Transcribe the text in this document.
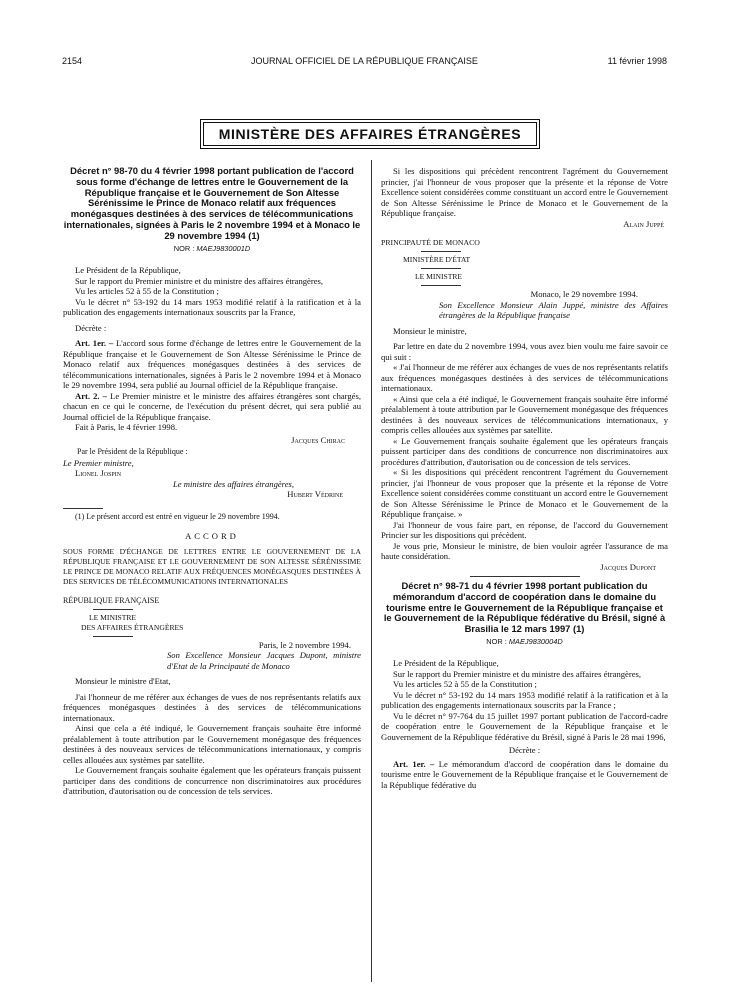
2154	JOURNAL OFFICIEL DE LA RÉPUBLIQUE FRANÇAISE	11 février 1998
MINISTÈRE DES AFFAIRES ÉTRANGÈRES

Décret n° 98-70 du 4 février 1998 portant publication de l'accord sous forme d'échange de lettres entre le Gouvernement de la République française et le Gouvernement de Son Altesse Sérénissime le Prince de Monaco relatif aux fréquences monégasques destinées à des services de télécommunications internationales, signées à Paris le 2 novembre 1994 et à Monaco le 29 novembre 1994 (1)

NOR : MAEJ9830001D

Le Président de la République,

Sur le rapport du Premier ministre et du ministre des affaires étrangères,

Vu les articles 52 à 55 de la Constitution ;

Vu le décret n° 53-192 du 14 mars 1953 modifié relatif à la ratification et à la publication des engagements internationaux souscrits par la France,

Décrète :

Art. 1er. – L'accord sous forme d'échange de lettres entre le Gouvernement de la République française et le Gouvernement de Son Altesse Sérénissime le Prince de Monaco relatif aux fréquences monégasques destinées à des services de télécommunications internationales, signées à Paris le 2 novembre 1994 et à Monaco le 29 novembre 1994, sera publié au Journal officiel de la République française.

Art. 2. – Le Premier ministre et le ministre des affaires étrangères sont chargés, chacun en ce qui le concerne, de l'exécution du présent décret, qui sera publié au Journal officiel de la République française.

Fait à Paris, le 4 février 1998.

Jacques Chirac

Par le Président de la République :

Le Premier ministre,

Lionel Jospin

Le ministre des affaires étrangères,

Hubert Védrine

(1) Le présent accord est entré en vigueur le 29 novembre 1994.

ACCORD

SOUS FORME D'ÉCHANGE DE LETTRES ENTRE LE GOUVERNEMENT DE LA RÉPUBLIQUE FRANÇAISE ET LE GOUVERNEMENT DE SON ALTESSE SÉRÉNISSIME LE PRINCE DE MONACO RELATIF AUX FRÉQUENCES MONÉGASQUES DESTINÉES À DES SERVICES DE TÉLÉCOMMUNICATIONS INTERNATIONALES

RÉPUBLIQUE FRANÇAISE

LE MINISTRE

DES AFFAIRES ÉTRANGÈRES

Paris, le 2 novembre 1994.

Son Excellence Monsieur Jacques Dupont, ministre d'Etat de la Principauté de Monaco

Monsieur le ministre d'Etat,

J'ai l'honneur de me référer aux échanges de vues de nos représentants relatifs aux fréquences monégasques destinées à des services de télécommunications internationaux.

Ainsi que cela a été indiqué, le Gouvernement français souhaite être informé préalablement à toute attribution par le Gouvernement monégasque des fréquences destinées à des nouveaux services de télécommunications internationaux, y compris celles allouées aux systèmes par satellite.

Le Gouvernement français souhaite également que les opérateurs français puissent participer dans des conditions de concurrence non discriminatoires aux procédures d'attribution, d'autorisation ou de concession de tels services.

Si les dispositions qui précèdent rencontrent l'agrément du Gouvernement princier, j'ai l'honneur de vous proposer que la présente et la réponse de Votre Excellence soient considérées comme constituant un accord entre le Gouvernement de Son Altesse Sérénissime le Prince de Monaco et le Gouvernement de la République française.

Alain Juppé

PRINCIPAUTÉ DE MONACO

MINISTÈRE D'ÉTAT

LE MINISTRE

Monaco, le 29 novembre 1994.

Son Excellence Monsieur Alain Juppé, ministre des Affaires étrangères de la République française

Monsieur le ministre,

Par lettre en date du 2 novembre 1994, vous avez bien voulu me faire savoir ce qui suit :

« J'ai l'honneur de me référer aux échanges de vues de nos représentants relatifs aux fréquences monégasques destinées à des services de télécommunications internationaux.

« Ainsi que cela a été indiqué, le Gouvernement français souhaite être informé préalablement à toute attribution par le Gouvernement monégasque des fréquences destinées à des nouveaux services de télécommunications internationaux, y compris celles allouées aux systèmes par satellite.

« Le Gouvernement français souhaite également que les opérateurs français puissent participer dans des conditions de concurrence non discriminatoires aux procédures d'attribution, d'autorisation ou de concession de tels services.

« Si les dispositions qui précèdent rencontrent l'agrément du Gouvernement princier, j'ai l'honneur de vous proposer que la présente et la réponse de Votre Excellence soient considérées comme constituant un accord entre le Gouvernement de Son Altesse Sérénissime le Prince de Monaco et le Gouvernement de la République française. »

J'ai l'honneur de vous faire part, en réponse, de l'accord du Gouvernement Princier sur les dispositions qui précèdent.

Je vous prie, Monsieur le ministre, de bien vouloir agréer l'assurance de ma haute considération.

Jacques Dupont

Décret n° 98-71 du 4 février 1998 portant publication du mémorandum d'accord de coopération dans le domaine du tourisme entre le Gouvernement de la République française et le Gouvernement de la République fédérative du Brésil, signé à Brasilia le 12 mars 1997 (1)

NOR : MAEJ9830004D

Le Président de la République,

Sur le rapport du Premier ministre et du ministre des affaires étrangères,

Vu les articles 52 à 55 de la Constitution ;

Vu le décret n° 53-192 du 14 mars 1953 modifié relatif à la ratification et à la publication des engagements internationaux souscrits par la France ;

Vu le décret n° 97-764 du 15 juillet 1997 portant publication de l'accord-cadre de coopération entre le Gouvernement de la République française et le Gouvernement de la République fédérative du Brésil, signé à Paris le 28 mai 1996,

Décrète :

Art. 1er. – Le mémorandum d'accord de coopération dans le domaine du tourisme entre le Gouvernement de la République française et le Gouvernement de la République fédérative du
